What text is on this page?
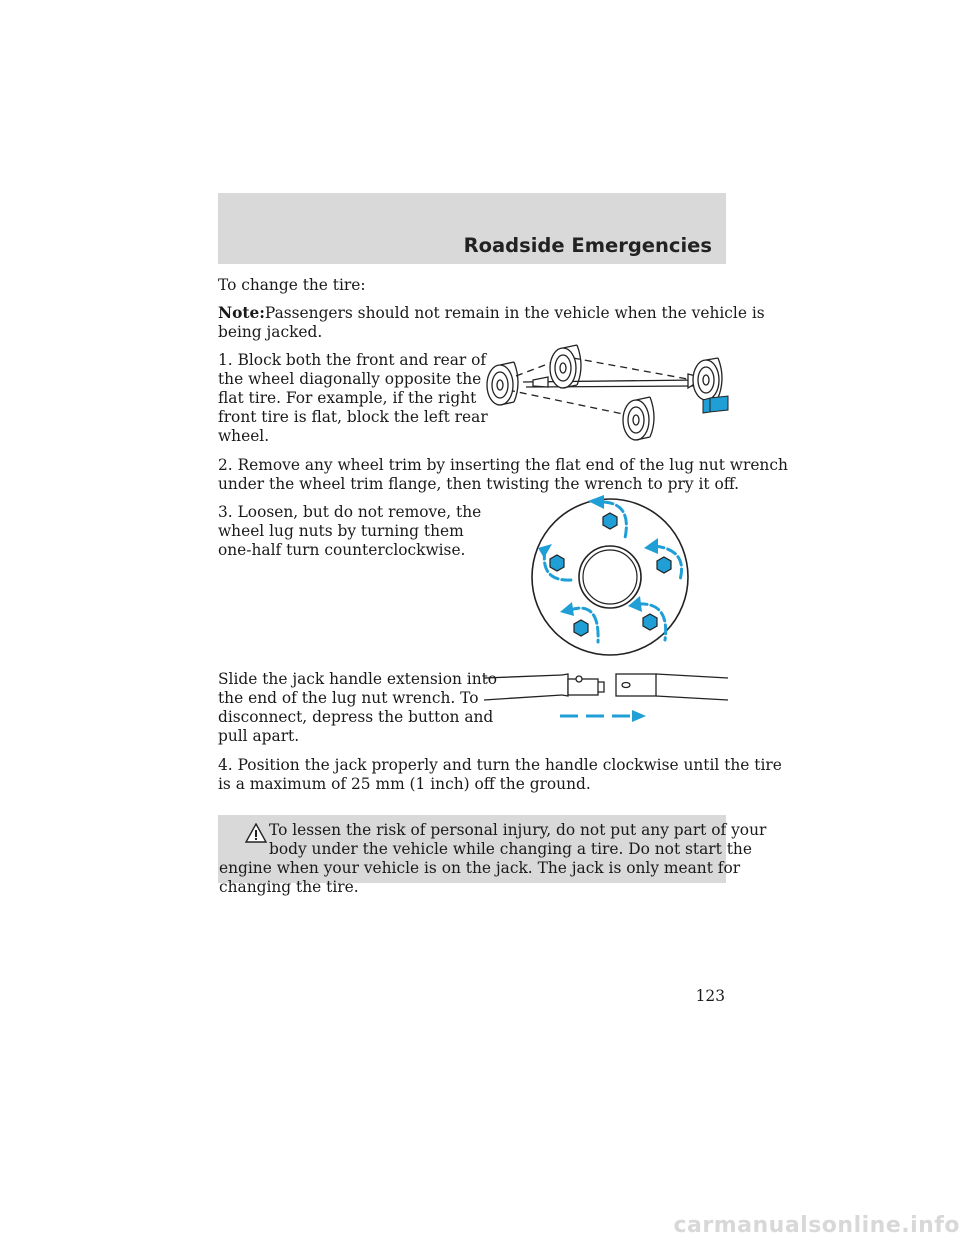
Roadside Emergencies

To change the tire:

Note:Passengers should not remain in the vehicle when the vehicle is

being jacked.

1. Block both the front and rear of

the wheel diagonally opposite the

flat tire. For example, if the right

front tire is flat, block the left rear

wheel.

2. Remove any wheel trim by inserting the flat end of the lug nut wrench

under the wheel trim flange, then twisting the wrench to pry it off.

3. Loosen, but do not remove, the

wheel lug nuts by turning them

one-half turn counterclockwise.

Slide the jack handle extension into

the end of the lug nut wrench. To

disconnect, depress the button and

pull apart.

4. Position the jack properly and turn the handle clockwise until the tire

is a maximum of 25 mm (1 inch) off the ground.

To lessen the risk of personal injury, do not put any part of your
body under the vehicle while changing a tire. Do not start the
engine when your vehicle is on the jack. The jack is only meant for
changing the tire.
123
carmanualsonline.info
